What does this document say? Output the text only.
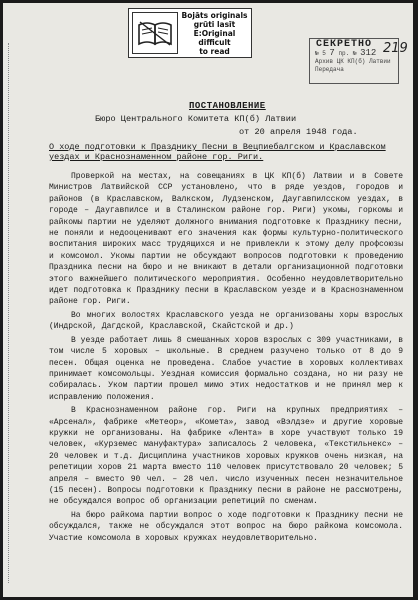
Bojāts originals
grūti lasīt
E:Original difficult
to read
СЕКРЕТНО
№ 5 7 пр. № 312
Архив ЦК КП(б) Латвии
Передача
219
ПОСТАНОВЛЕНИЕ
Бюро Центрального Комитета КП(б) Латвии
от 20 апреля 1948 года.
О ходе подготовки к Празднику Песни в Вецпиебалгском и Краславском уездах и Краснознаменном районе гор. Риги.

Проверкой на местах, на совещаниях в ЦК КП(б) Латвии и в Совете Министров Латвийской ССР установлено, что в ряде уездов, городов и районов (в Краславском, Валкском, Лудзенском, Даугавпилсском уездах, в городе – Даугавпилсе и в Сталинском районе гор. Риги) укомы, горкомы и райкомы партии не уделяют должного внимания подготовке к Празднику песни, не поняли и недооценивают его значения как формы культурно-политического воспитания широких масс трудящихся и не привлекли к этому делу профсоюзы и комсомол. Укомы партии не обсуждают вопросов подготовки к проведению Праздника песни на бюро и не вникают в детали организационной подготовки этого важнейшего политического мероприятия. Особенно неудовлетворительно идет подготовка к Празднику песни в Краславском уезде и в Краснознаменном районе гор. Риги.

Во многих волостях Краславского уезда не организованы хоры взрослых (Индрской, Дагдской, Краславской, Скайстской и др.)

В уезде работает лишь 8 смешанных хоров взрослых с 309 участниками, в том числе 5 хоровых – школьные. В среднем разучено только от 8 до 9 песен. Общая оценка не проведена. Слабое участие в хоровых коллективах принимает комсомольцы. Уездная комиссия формально создана, но ни разу не собиралась. Уком партии прошел мимо этих недостатков и не принял мер к исправлению положения.

В Краснознаменном районе гор. Риги на крупных предприятиях – «Арсенал», фабрике «Метеор», «Комета», завод «Вэлдзе» и другие хоровые кружки не организованы. На фабрике «Лента» в хоре участвуют только 19 человек, «Курземес мануфактура» записалось 2 человека, «Текстильнекс» – 20 человек и т.д. Дисциплина участников хоровых кружков очень низкая, на репетиции хоров 21 марта вместо 110 человек присутствовало 20 человек; 5 апреля – вместо 90 чел. – 28 чел. число изученных песен незначительное (15 песен). Вопросы подготовки к Празднику песни в районе не рассмотрены, не обсуждался вопрос об организации репетиций по сменам.

На бюро райкома партии вопрос о ходе подготовки к Празднику песни не обсуждался, также не обсуждался этот вопрос на бюро райкома комсомола. Участие комсомола в хоровых кружках неудовлетворительно.
